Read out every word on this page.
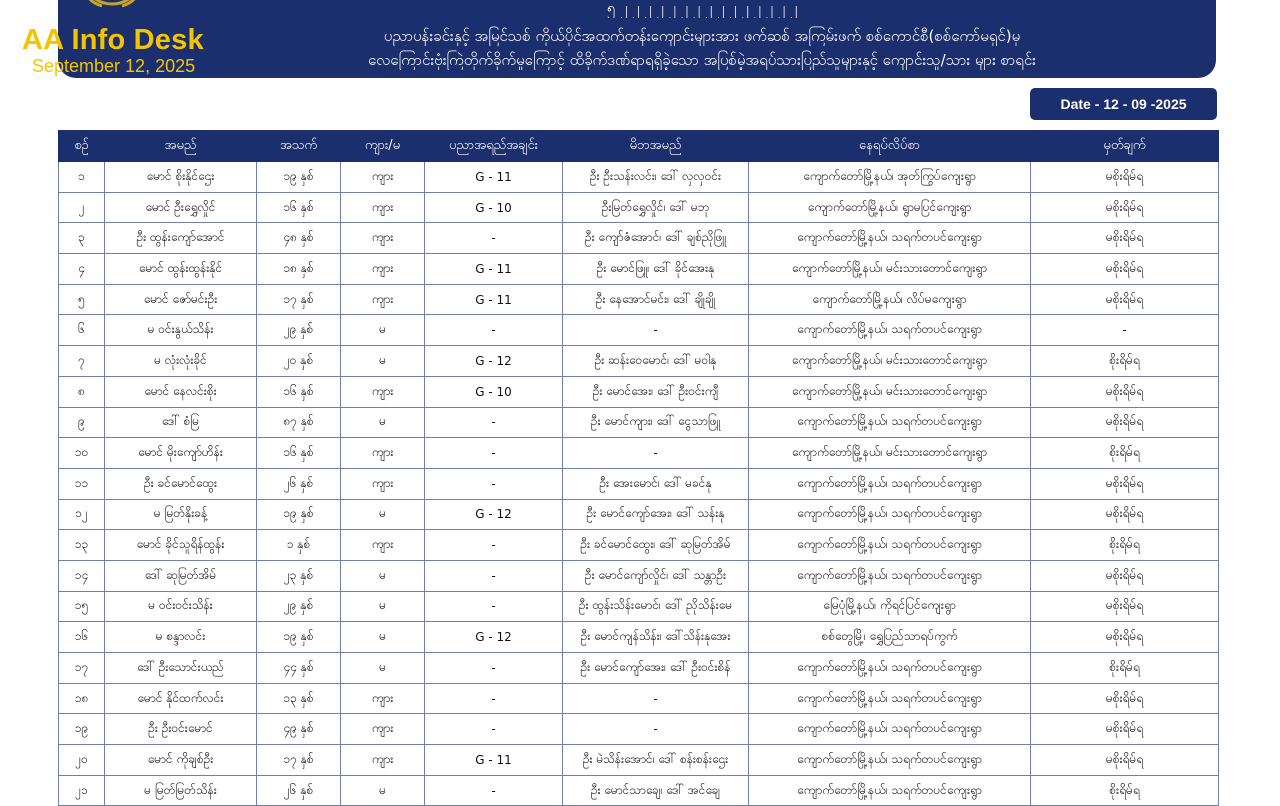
၅ ၂ ၂ ၂ ၂ ၂ ၂ ၂ ၂ ၂ ၂ ၂ ၂ ၂ ၂ ၂
ပညာပန်းခင်းနှင့် အမြင်သစ် ကိုယ်ပိုင်အထက်တန်းကျောင်းများအား ဖက်ဆစ် အကြမ်းဖက် စစ်ကောင်စီ(စစ်ကော်မရှင်)မှ
လေကြောင်းဗုံးကြဲတိုက်ခိုက်မှုကြောင့် ထိခိုက်ဒဏ်ရာရရှိခဲ့သော အပြစ်မဲ့အရပ်သားပြည်သူများနှင့် ကျောင်းသူ/သား များ စာရင်း
AA Info Desk
September 12, 2025
Date - 12 - 09 -2025
စဉ်	အမည်	အသက်	ကျား/မ	ပညာအရည်အချင်း	မိဘအမည်	နေရပ်လိပ်စာ	မှတ်ချက်
၁	မောင် စိုးနိုင်ဌေး	၁၉ နှစ်	ကျား	G - 11	ဦး ဦးသန်းလင်း၊ ဒေါ် လှလှဝင်း	ကျောက်တော်မြို့နယ်၊ အုတ်ကြွပ်ကျေးရွာ	မစိုးရိမ်ရ
၂	မောင် ဦးရွှေလှိုင်	၁၆ နှစ်	ကျား	G - 10	ဦးမြတ်ရွှေလှိုင်၊ ဒေါ် မဘု	ကျောက်တော်မြို့နယ်၊ ရွာမပြင်ကျေးရွာ	မစိုးရိမ်ရ
၃	ဦး ထွန်းကျော်အောင်	၄၈ နှစ်	ကျား	-	ဦး ကျော်ဇံအောင်၊ ဒေါ် ချစ်ညိုဖြူ	ကျောက်တော်မြို့နယ်၊ သရက်တပင်ကျေးရွာ	မစိုးရိမ်ရ
၄	မောင် ထွန်းထွန်းနိုင်	၁၈ နှစ်	ကျား	G - 11	ဦး မောင်ဖြူ၊ ဒေါ် ခိုင်အေးနု	ကျောက်တော်မြို့နယ်၊ မင်းသားတောင်ကျေးရွာ	မစိုးရိမ်ရ
၅	မောင် ဇော်မင်းဦး	၁၇ နှစ်	ကျား	G - 11	ဦး နေအောင်မင်း၊ ဒေါ် ချိုချို	ကျောက်တော်မြို့နယ်၊ လိပ်မကျေးရွာ	မစိုးရိမ်ရ
၆	မ ဝင်းနွယ်သိန်း	၂၉ နှစ်	မ	-	-	ကျောက်တော်မြို့နယ်၊ သရက်တပင်ကျေးရွာ	-
၇	မ လုံးလုံးခိုင်	၂၀ နှစ်	မ	G - 12	ဦး ဆန်းဝေမောင်၊ ဒေါ် မဝါနု	ကျောက်တော်မြို့နယ်၊ မင်းသားတောင်ကျေးရွာ	စိုးရိမ်ရ
၈	မောင် နေလင်းစိုး	၁၆ နှစ်	ကျား	G - 10	ဦး မောင်အေး၊ ဒေါ် ဦးဝင်းကျီ	ကျောက်တော်မြို့နယ်၊ မင်းသားတောင်ကျေးရွာ	မစိုးရိမ်ရ
၉	ဒေါ် စံမြ	၈၇ နှစ်	မ	-	ဦး မောင်ကျား၊ ဒေါ် ငွေသာဖြူ	ကျောက်တော်မြို့နယ်၊ သရက်တပင်ကျေးရွာ	မစိုးရိမ်ရ
၁၀	မောင် မိုးကျော်ဟိန်း	၁၆ နှစ်	ကျား	-	-	ကျောက်တော်မြို့နယ်၊ မင်းသားတောင်ကျေးရွာ	စိုးရိမ်ရ
၁၁	ဦး ခင်မောင်ထွေး	၂၆ နှစ်	ကျား	-	ဦး အေးမောင်၊ ဒေါ် မခင်နု	ကျောက်တော်မြို့နယ်၊ သရက်တပင်ကျေးရွာ	မစိုးရိမ်ရ
၁၂	မ မြတ်နိုးခန့်	၁၉ နှစ်	မ	G - 12	ဦး မောင်ကျော်အေး၊ ဒေါ် သန်းနု	ကျောက်တော်မြို့နယ်၊ သရက်တပင်ကျေးရွာ	မစိုးရိမ်ရ
၁၃	မောင် ခိုင်သူရိန်ထွန်း	၁ နှစ်	ကျား	-	ဦး ခင်မောင်ထွေး၊ ဒေါ် ဆုမြတ်အိမ်	ကျောက်တော်မြို့နယ်၊ သရက်တပင်ကျေးရွာ	စိုးရိမ်ရ
၁၄	ဒေါ် ဆုမြတ်အိမ်	၂၃ နှစ်	မ	-	ဦး မောင်ကျော်လှိုင်၊ ဒေါ် သန္တာဦး	ကျောက်တော်မြို့နယ်၊ သရက်တပင်ကျေးရွာ	မစိုးရိမ်ရ
၁၅	မ ဝင်းဝင်းသိန်း	၂၉ နှစ်	မ	-	ဦး ထွန်းသိန်းမောင်၊ ဒေါ် ညိုသိန်းမေ	မြေပုံမြို့နယ်၊ ကိုရင်ပြင်ကျေးရွာ	မစိုးရိမ်ရ
၁၆	မ စန္ဒာလင်း	၁၉ နှစ်	မ	G - 12	ဦး မောင်ကျန်သိန်း၊ ဒေါ်သိန်းနုအေး	စစ်တွေမြို့၊ ရွှေပြည်သာရပ်ကွက်	မစိုးရိမ်ရ
၁၇	ဒေါ် ဦးသောင်းယည်	၄၄ နှစ်	မ	-	ဦး မောင်ကျော်အေး၊ ဒေါ် ဦးဝင်းစိန်	ကျောက်တော်မြို့နယ်၊ သရက်တပင်ကျေးရွာ	စိုးရိမ်ရ
၁၈	မောင် နိုင်ထက်လင်း	၁၃ နှစ်	ကျား	-	-	ကျောက်တော်မြို့နယ်၊ သရက်တပင်ကျေးရွာ	မစိုးရိမ်ရ
၁၉	ဦး ဦးဝင်းမောင်	၄၉ နှစ်	ကျား	-	-	ကျောက်တော်မြို့နယ်၊ သရက်တပင်ကျေးရွာ	မစိုးရိမ်ရ
၂၀	မောင် ကိုချစ်ဦး	၁၇ နှစ်	ကျား	G - 11	ဦး မဲသိန်းအောင်၊ ဒေါ် စန်းစန်းဌေး	ကျောက်တော်မြို့နယ်၊ သရက်တပင်ကျေးရွာ	မစိုးရိမ်ရ
၂၁	မ မြတ်မြတ်သိန်း	၂၆ နှစ်	မ	-	ဦး မောင်သာချေ၊ ဒေါ် အင်ချေ	ကျောက်တော်မြို့နယ်၊ သရက်တပင်ကျေးရွာ	စိုးရိမ်ရ
